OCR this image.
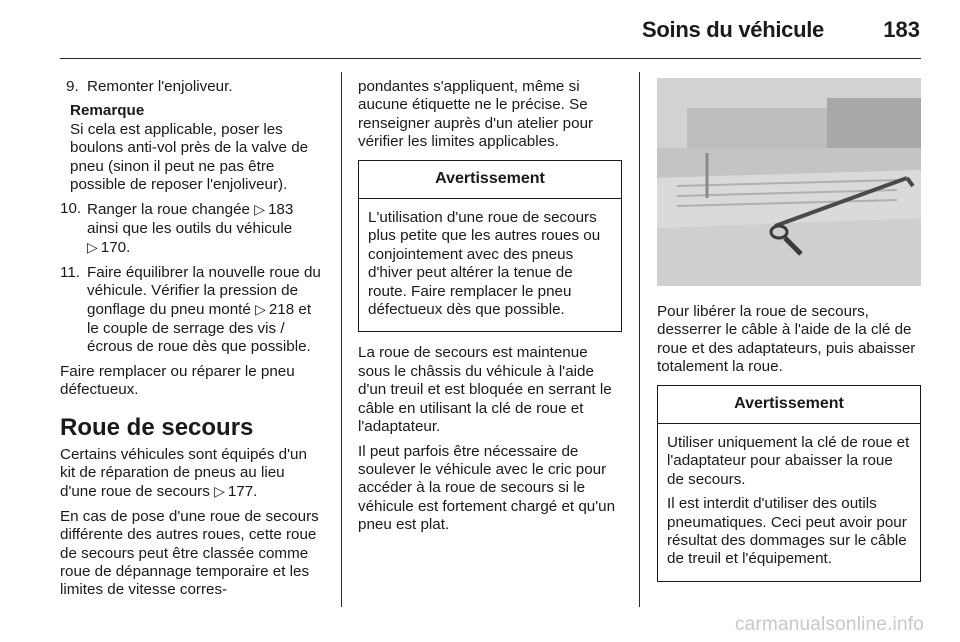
Soins du véhicule	183
9. Remonter l'enjoliveur.
Remarque
Si cela est applicable, poser les boulons anti-vol près de la valve de pneu (sinon il peut ne pas être possible de reposer l'enjoliveur).
10. Ranger la roue changée ▷ 183 ainsi que les outils du véhicule ▷ 170.
11. Faire équilibrer la nouvelle roue du véhicule. Vérifier la pression de gonflage du pneu monté ▷ 218 et le couple de serrage des vis / écrous de roue dès que possible.

Faire remplacer ou réparer le pneu défectueux.

Roue de secours

Certains véhicules sont équipés d'un kit de réparation de pneus au lieu d'une roue de secours ▷ 177.

En cas de pose d'une roue de secours différente des autres roues, cette roue de secours peut être classée comme roue de dépannage temporaire et les limites de vitesse corres-

pondantes s'appliquent, même si aucune étiquette ne le précise. Se renseigner auprès d'un atelier pour vérifier les limites applicables.

Avertissement

L'utilisation d'une roue de secours plus petite que les autres roues ou conjointement avec des pneus d'hiver peut altérer la tenue de route. Faire remplacer le pneu défectueux dès que possible.

La roue de secours est maintenue sous le châssis du véhicule à l'aide d'un treuil et est bloquée en serrant le câble en utilisant la clé de roue et l'adaptateur.

Il peut parfois être nécessaire de soulever le véhicule avec le cric pour accéder à la roue de secours si le véhicule est fortement chargé et qu'un pneu est plat.

Pour libérer la roue de secours, desserrer le câble à l'aide de la clé de roue et des adaptateurs, puis abaisser totalement la roue.

Avertissement

Utiliser uniquement la clé de roue et l'adaptateur pour abaisser la roue de secours.

Il est interdit d'utiliser des outils pneumatiques. Ceci peut avoir pour résultat des dommages sur le câble de treuil et l'équipement.

carmanualsonline.info
